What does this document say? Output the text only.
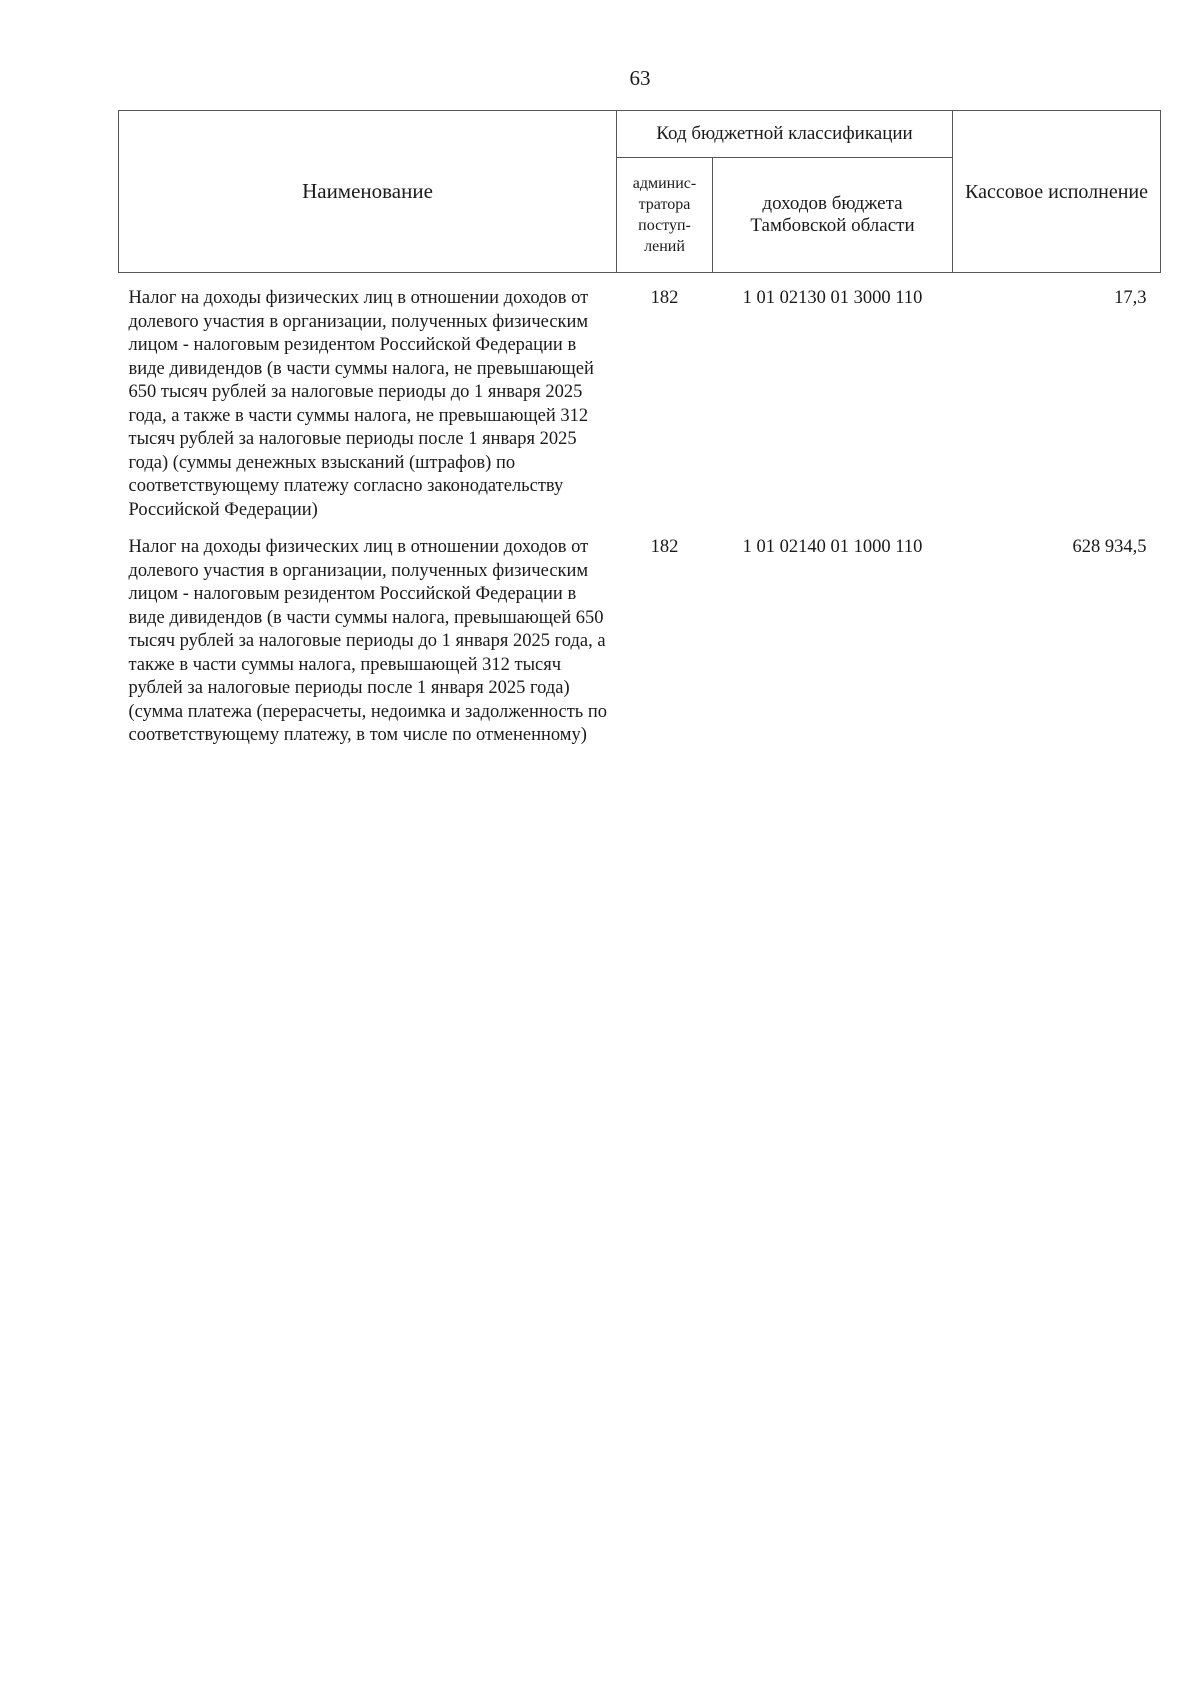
63
Наименование	Код бюджетной классификации		Кассовое исполнение
	админис-тратора поступ-лений	доходов бюджета Тамбовской области	
Налог на доходы физических лиц в отношении доходов от долевого участия в организации, полученных физическим лицом - налоговым резидентом Российской Федерации в виде дивидендов (в части суммы налога, не превышающей 650 тысяч рублей за налоговые периоды до 1 января 2025 года, а также в части суммы налога, не превышающей 312 тысяч рублей за налоговые периоды после 1 января 2025 года) (суммы денежных взысканий (штрафов) по соответствующему платежу согласно законодательству Российской Федерации)	182	1 01 02130 01 3000 110	17,3
Налог на доходы физических лиц в отношении доходов от долевого участия в организации, полученных физическим лицом - налоговым резидентом Российской Федерации в виде дивидендов (в части суммы налога, превышающей 650 тысяч рублей за налоговые периоды до 1 января 2025 года, а также в части суммы налога, превышающей 312 тысяч рублей за налоговые периоды после 1 января 2025 года) (сумма платежа (перерасчеты, недоимка и задолженность по соответствующему платежу, в том числе по отмененному)	182	1 01 02140 01 1000 110	628 934,5
